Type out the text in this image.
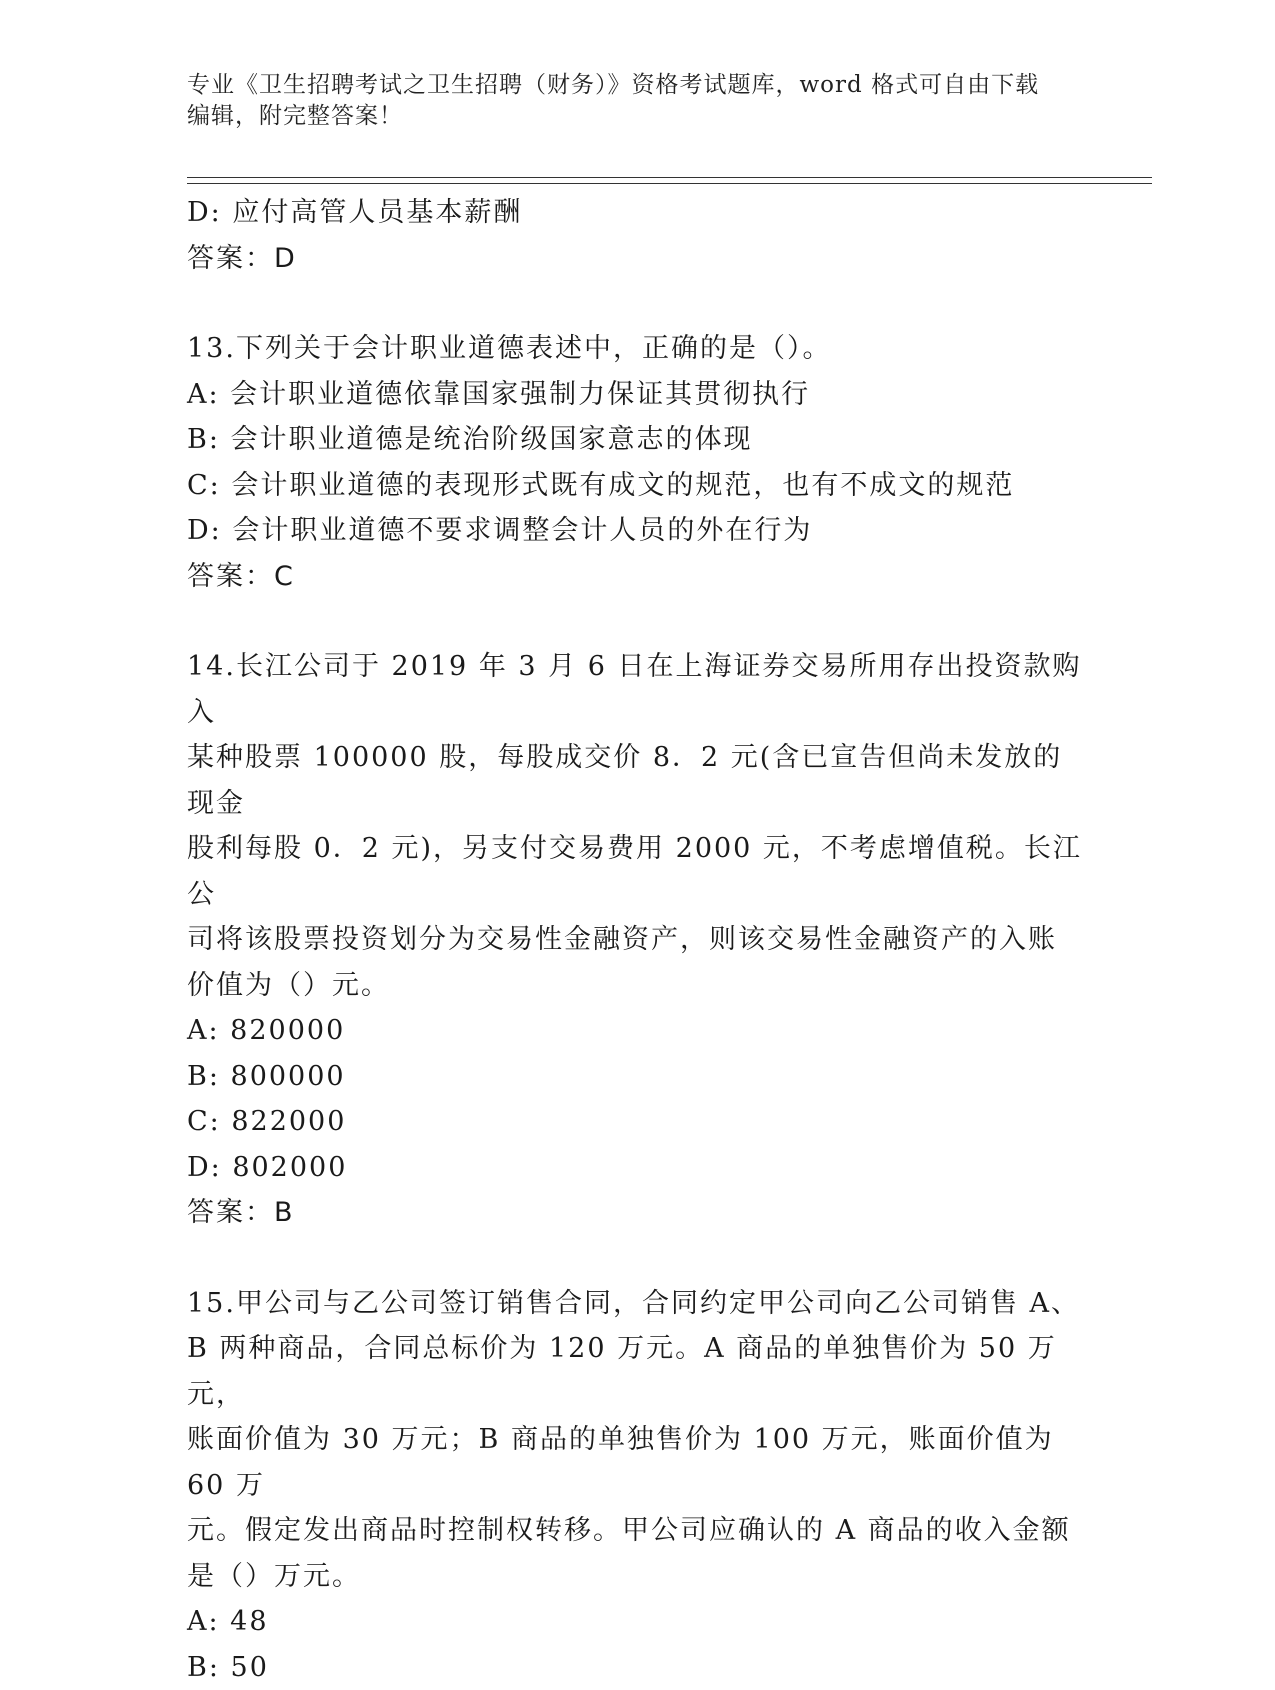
专业《卫生招聘考试之卫生招聘（财务）》资格考试题库，word 格式可自由下载
编辑，附完整答案！
D: 应付高管人员基本薪酬
答案：D
13.下列关于会计职业道德表述中，正确的是（）。
A: 会计职业道德依靠国家强制力保证其贯彻执行
B: 会计职业道德是统治阶级国家意志的体现
C: 会计职业道德的表现形式既有成文的规范，也有不成文的规范
D: 会计职业道德不要求调整会计人员的外在行为
答案：C
14.长江公司于 2019 年 3 月 6 日在上海证券交易所用存出投资款购入
某种股票 100000 股，每股成交价 8．2 元(含已宣告但尚未发放的现金
股利每股 0．2 元)，另支付交易费用 2000 元，不考虑增值税。长江公
司将该股票投资划分为交易性金融资产，则该交易性金融资产的入账
价值为（）元。
A: 820000
B: 800000
C: 822000
D: 802000
答案：B
15.甲公司与乙公司签订销售合同，合同约定甲公司向乙公司销售 A、
B 两种商品，合同总标价为 120 万元。A 商品的单独售价为 50 万元，
账面价值为 30 万元；B 商品的单独售价为 100 万元，账面价值为 60 万
元。假定发出商品时控制权转移。甲公司应确认的 A 商品的收入金额
是（）万元。
A: 48
B: 50
